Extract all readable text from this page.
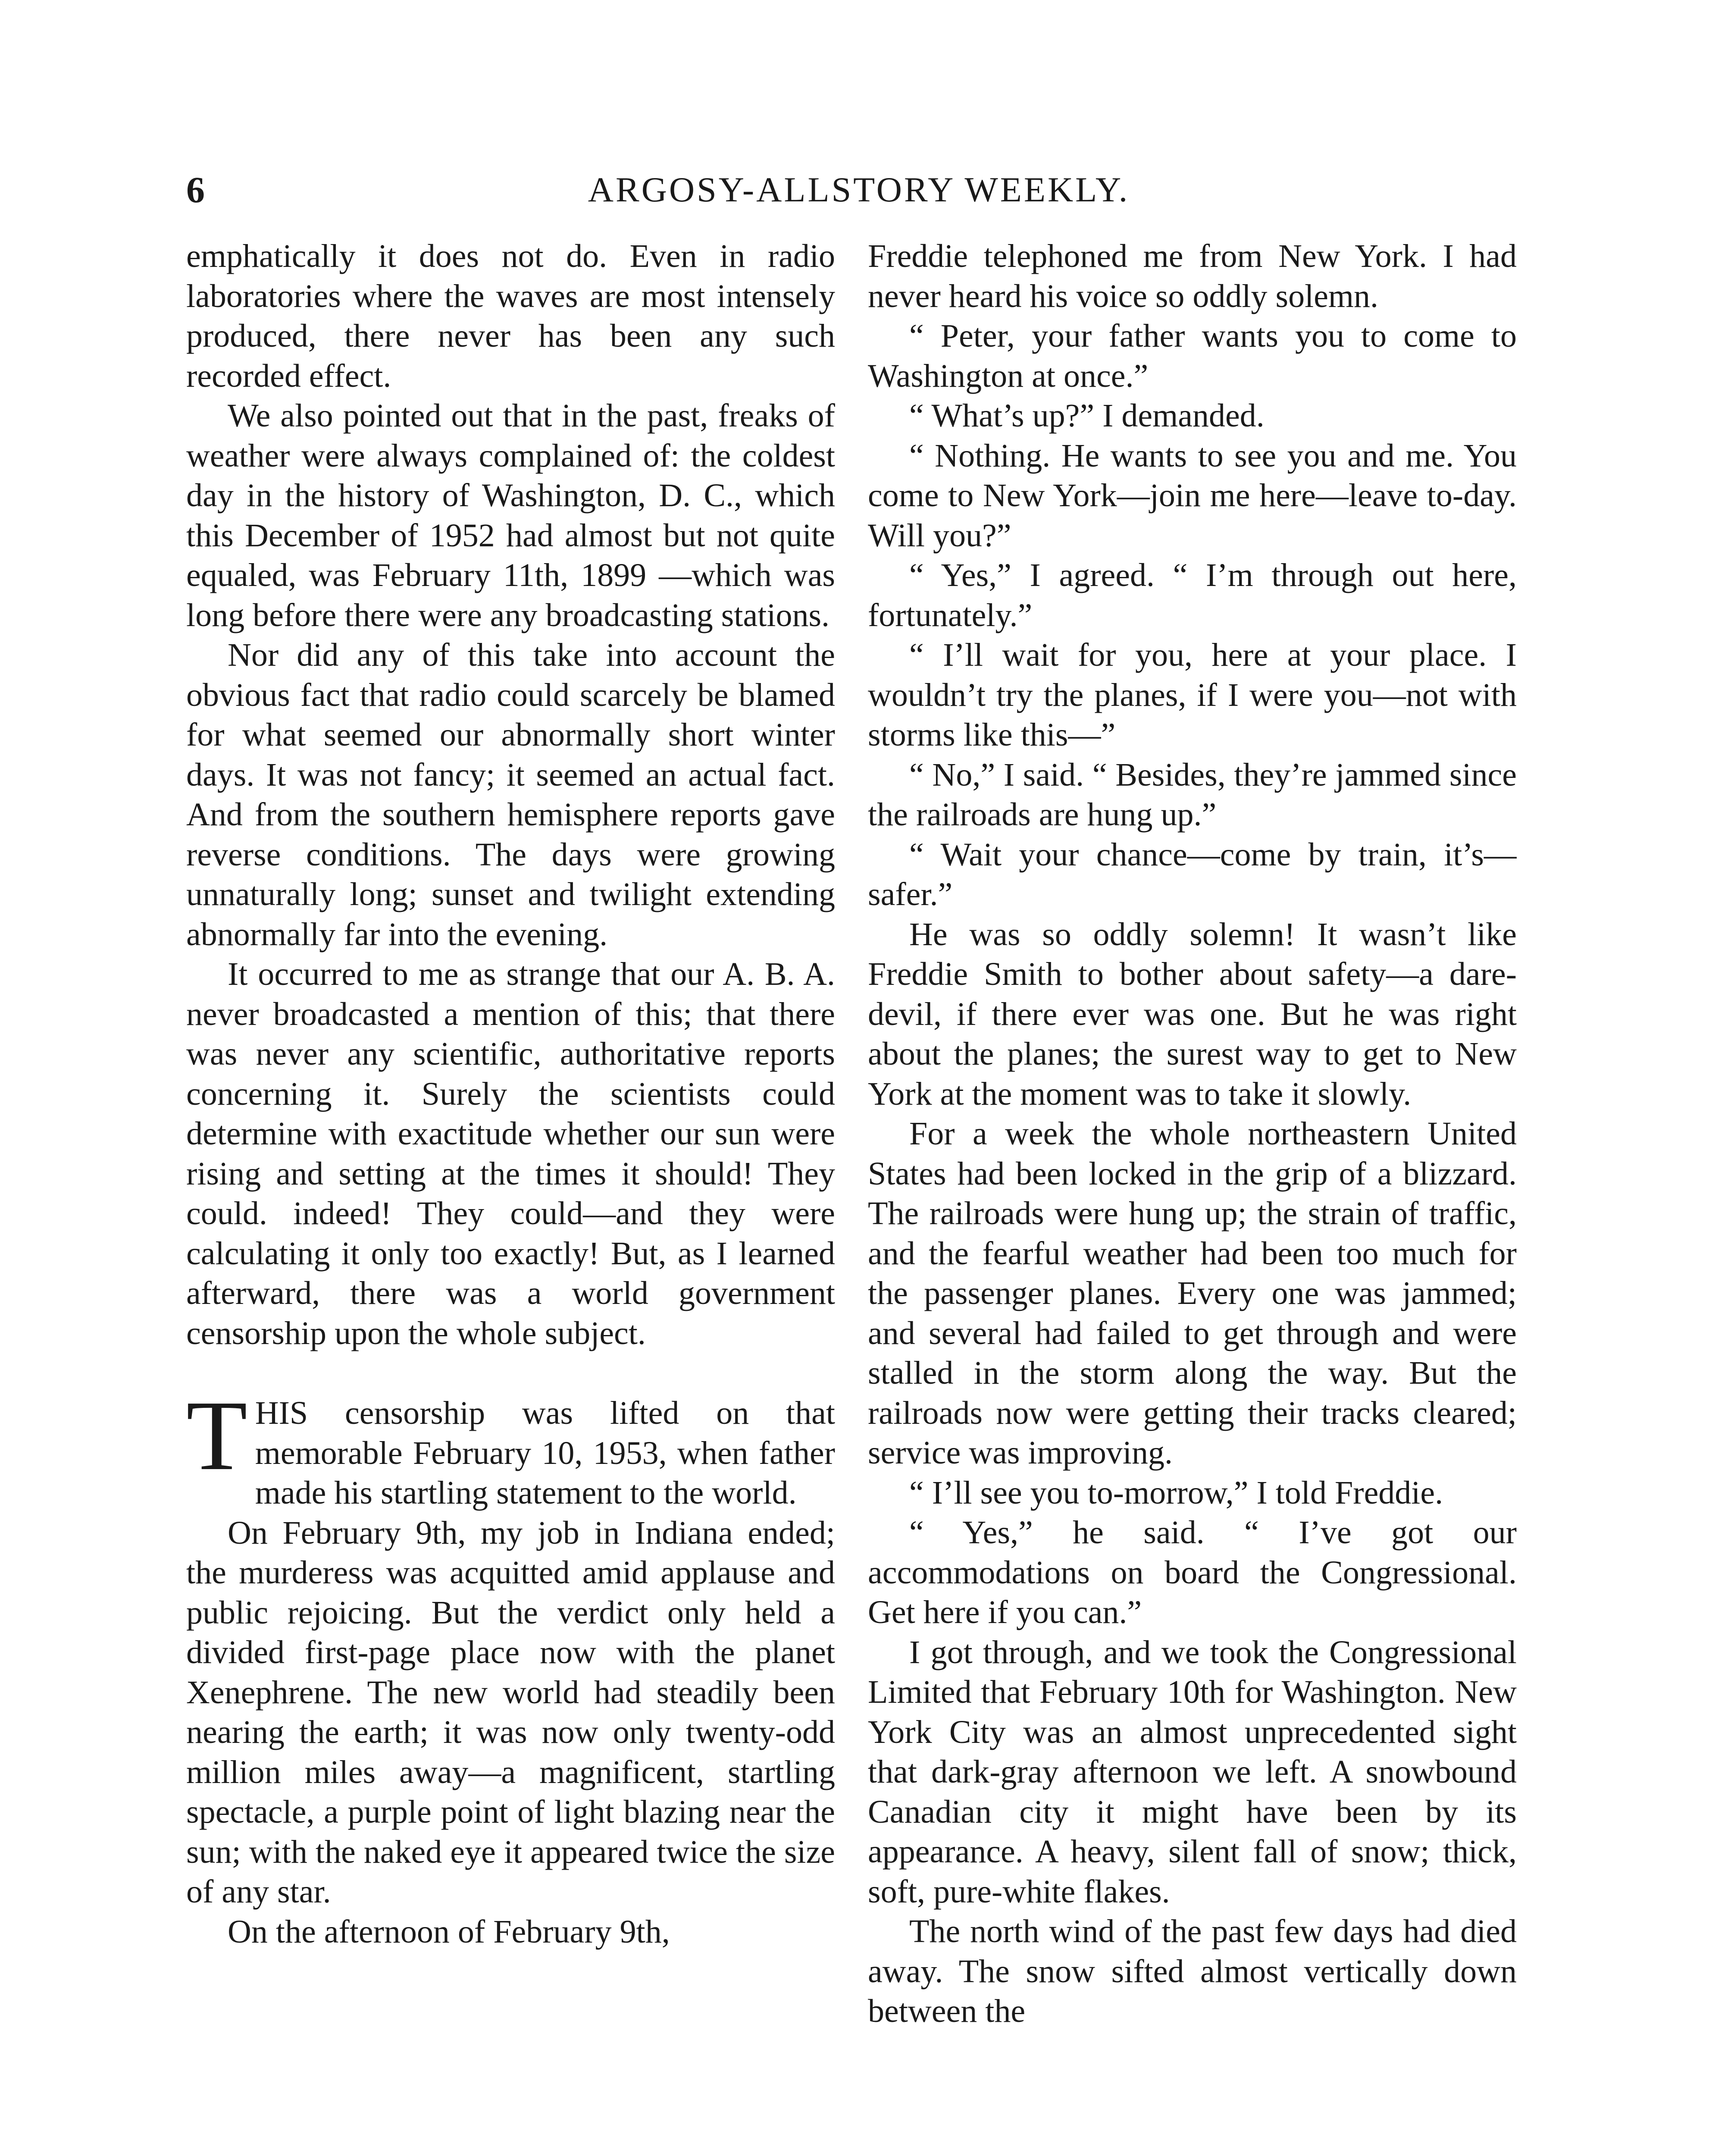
6	ARGOSY-ALLSTORY WEEKLY.

emphatically it does not do. Even in radio laboratories where the waves are most intensely produced, there never has been any such recorded effect.

We also pointed out that in the past, freaks of weather were always complained of: the coldest day in the history of Washington, D. C., which this December of 1952 had almost but not quite equaled, was February 11th, 1899 —which was long before there were any broadcasting stations.

Nor did any of this take into account the obvious fact that radio could scarcely be blamed for what seemed our abnormally short winter days. It was not fancy; it seemed an actual fact. And from the southern hemisphere reports gave reverse conditions. The days were growing unnaturally long; sunset and twilight extending abnormally far into the evening.

It occurred to me as strange that our A. B. A. never broadcasted a mention of this; that there was never any scientific, authoritative reports concerning it. Surely the scientists could determine with exactitude whether our sun were rising and setting at the times it should! They could. indeed! They could—and they were calculating it only too exactly! But, as I learned afterward, there was a world government censorship upon the whole subject.

THIS censorship was lifted on that memorable February 10, 1953, when father made his startling statement to the world.

On February 9th, my job in Indiana ended; the murderess was acquitted amid applause and public rejoicing. But the verdict only held a divided first-page place now with the planet Xenephrene. The new world had steadily been nearing the earth; it was now only twenty-odd million miles away—a magnificent, startling spectacle, a purple point of light blazing near the sun; with the naked eye it appeared twice the size of any star.

On the afternoon of February 9th,

Freddie telephoned me from New York. I had never heard his voice so oddly solemn.

“ Peter, your father wants you to come to Washington at once.”

“ What’s up?” I demanded.

“ Nothing. He wants to see you and me. You come to New York—join me here—leave to-day. Will you?”

“ Yes,” I agreed. “ I’m through out here, fortunately.”

“ I’ll wait for you, here at your place. I wouldn’t try the planes, if I were you—not with storms like this—”

“ No,” I said. “ Besides, they’re jammed since the railroads are hung up.”

“ Wait your chance—come by train, it’s—safer.”

He was so oddly solemn! It wasn’t like Freddie Smith to bother about safety—a dare-devil, if there ever was one. But he was right about the planes; the surest way to get to New York at the moment was to take it slowly.

For a week the whole northeastern United States had been locked in the grip of a blizzard. The railroads were hung up; the strain of traffic, and the fearful weather had been too much for the passenger planes. Every one was jammed; and several had failed to get through and were stalled in the storm along the way. But the railroads now were getting their tracks cleared; service was improving.

“ I’ll see you to-morrow,” I told Freddie.

“ Yes,” he said. “ I’ve got our accommodations on board the Congressional. Get here if you can.”

I got through, and we took the Congressional Limited that February 10th for Washington. New York City was an almost unprecedented sight that dark-gray afternoon we left. A snowbound Canadian city it might have been by its appearance. A heavy, silent fall of snow; thick, soft, pure-white flakes.

The north wind of the past few days had died away. The snow sifted almost vertically down between the
